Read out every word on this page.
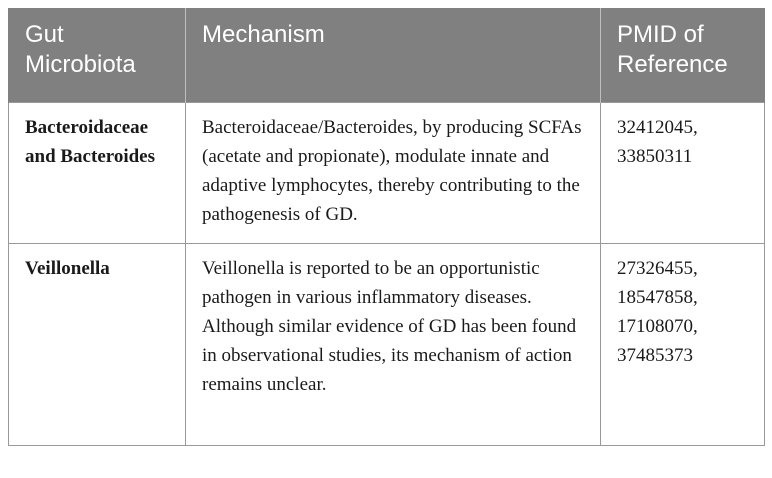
Gut Microbiota	Mechanism	PMID of Reference
Bacteroidaceae and Bacteroides	Bacteroidaceae/Bacteroides, by producing SCFAs (acetate and propionate), modulate innate and adaptive lymphocytes, thereby contributing to the pathogenesis of GD.	32412045, 33850311
Veillonella	Veillonella is reported to be an opportunistic pathogen in various inflammatory diseases. Although similar evidence of GD has been found in observational studies, its mechanism of action remains unclear.	27326455, 18547858, 17108070, 37485373
